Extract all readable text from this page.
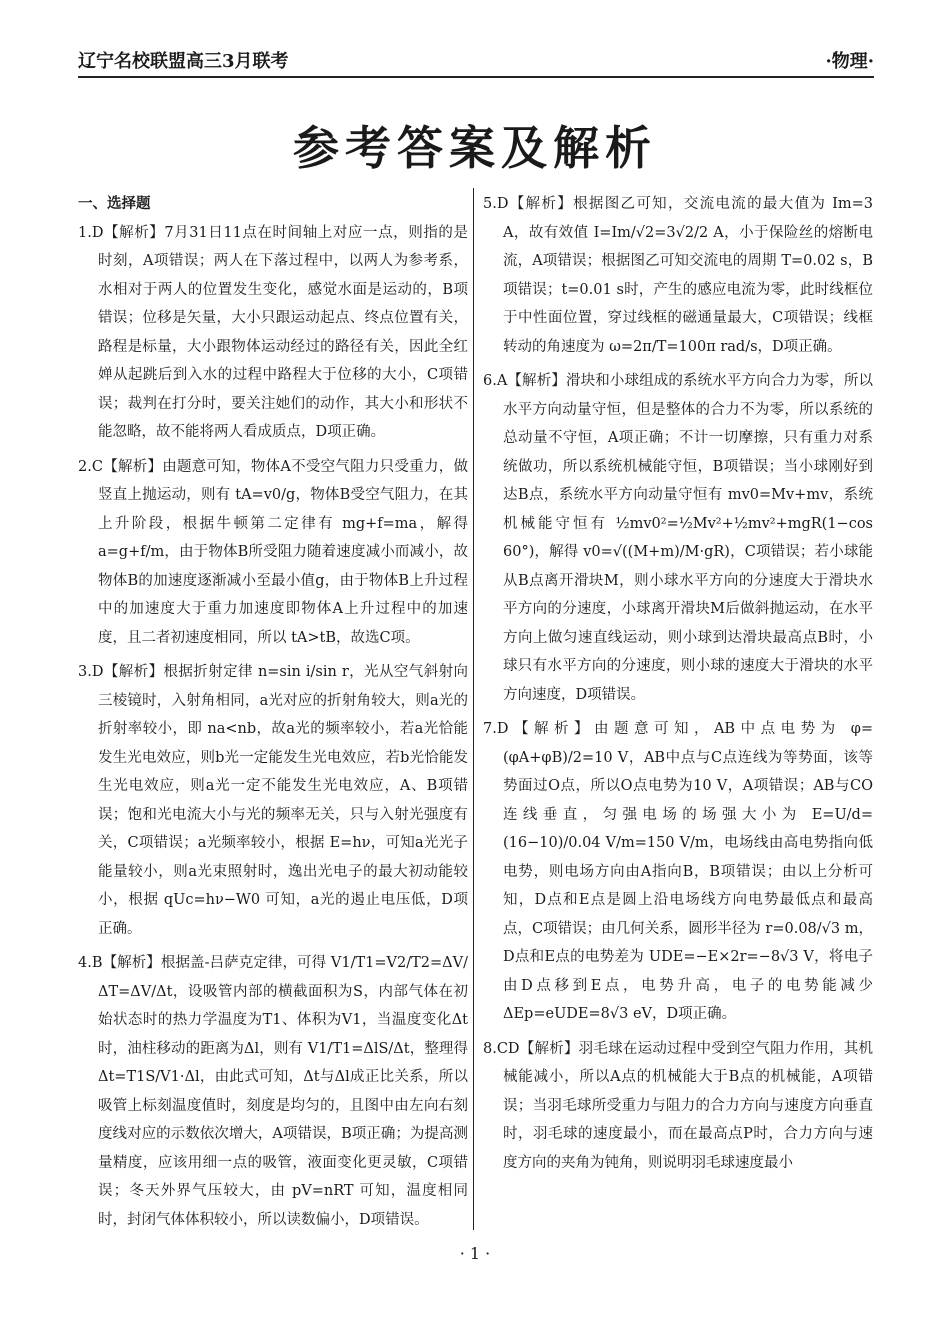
辽宁名校联盟高三3月联考	·物理·
参考答案及解析
一、选择题
1.D【解析】7月31日11点在时间轴上对应一点，则指的是时刻，A项错误；两人在下落过程中，以两人为参考系，水相对于两人的位置发生变化，感觉水面是运动的，B项错误；位移是矢量，大小只跟运动起点、终点位置有关，路程是标量，大小跟物体运动经过的路径有关，因此全红婵从起跳后到入水的过程中路程大于位移的大小，C项错误；裁判在打分时，要关注她们的动作，其大小和形状不能忽略，故不能将两人看成质点，D项正确。
2.C【解析】由题意可知，物体A不受空气阻力只受重力，做竖直上抛运动，则有 tA=v0/g，物体B受空气阻力，在其上升阶段，根据牛顿第二定律有 mg+f=ma，解得 a=g+f/m，由于物体B所受阻力随着速度减小而减小，故物体B的加速度逐渐减小至最小值g，由于物体B上升过程中的加速度大于重力加速度即物体A上升过程中的加速度，且二者初速度相同，所以 tA>tB，故选C项。
3.D【解析】根据折射定律 n=sin i/sin r，光从空气斜射向三棱镜时，入射角相同，a光对应的折射角较大，则a光的折射率较小，即 na<nb，故a光的频率较小，若a光恰能发生光电效应，则b光一定能发生光电效应，若b光恰能发生光电效应，则a光一定不能发生光电效应，A、B项错误；饱和光电流大小与光的频率无关，只与入射光强度有关，C项错误；a光频率较小，根据 E=hν，可知a光光子能量较小，则a光束照射时，逸出光电子的最大初动能较小，根据 qUc=hν−W0 可知，a光的遏止电压低，D项正确。
4.B【解析】根据盖-吕萨克定律，可得 V1/T1=V2/T2=ΔV/ΔT=ΔV/Δt，设吸管内部的横截面积为S，内部气体在初始状态时的热力学温度为T1、体积为V1，当温度变化Δt时，油柱移动的距离为Δl，则有 V1/T1=ΔlS/Δt，整理得 Δt=T1S/V1·Δl，由此式可知，Δt与Δl成正比关系，所以吸管上标刻温度值时，刻度是均匀的，且图中由左向右刻度线对应的示数依次增大，A项错误，B项正确；为提高测量精度，应该用细一点的吸管，液面变化更灵敏，C项错误；冬天外界气压较大，由 pV=nRT 可知，温度相同时，封闭气体体积较小，所以读数偏小，D项错误。
5.D【解析】根据图乙可知，交流电流的最大值为 Im=3 A，故有效值 I=Im/√2=3√2/2 A，小于保险丝的熔断电流，A项错误；根据图乙可知交流电的周期 T=0.02 s，B项错误；t=0.01 s时，产生的感应电流为零，此时线框位于中性面位置，穿过线框的磁通量最大，C项错误；线框转动的角速度为 ω=2π/T=100π rad/s，D项正确。
6.A【解析】滑块和小球组成的系统水平方向合力为零，所以水平方向动量守恒，但是整体的合力不为零，所以系统的总动量不守恒，A项正确；不计一切摩擦，只有重力对系统做功，所以系统机械能守恒，B项错误；当小球刚好到达B点，系统水平方向动量守恒有 mv0=Mv+mv，系统机械能守恒有 ½mv0²=½Mv²+½mv²+mgR(1−cos 60°)，解得 v0=√((M+m)/M·gR)，C项错误；若小球能从B点离开滑块M，则小球水平方向的分速度大于滑块水平方向的分速度，小球离开滑块M后做斜抛运动，在水平方向上做匀速直线运动，则小球到达滑块最高点B时，小球只有水平方向的分速度，则小球的速度大于滑块的水平方向速度，D项错误。
7.D【解析】由题意可知，AB中点电势为 φ=(φA+φB)/2=10 V，AB中点与C点连线为等势面，该等势面过O点，所以O点电势为10 V，A项错误；AB与CO连线垂直，匀强电场的场强大小为 E=U/d=(16−10)/0.04 V/m=150 V/m，电场线由高电势指向低电势，则电场方向由A指向B，B项错误；由以上分析可知，D点和E点是圆上沿电场线方向电势最低点和最高点，C项错误；由几何关系，圆形半径为 r=0.08/√3 m，D点和E点的电势差为 UDE=−E×2r=−8√3 V，将电子由D点移到E点，电势升高，电子的电势能减少 ΔEp=eUDE=8√3 eV，D项正确。
8.CD【解析】羽毛球在运动过程中受到空气阻力作用，其机械能减小，所以A点的机械能大于B点的机械能，A项错误；当羽毛球所受重力与阻力的合力方向与速度方向垂直时，羽毛球的速度最小，而在最高点P时，合力方向与速度方向的夹角为钝角，则说明羽毛球速度最小
· 1 ·
